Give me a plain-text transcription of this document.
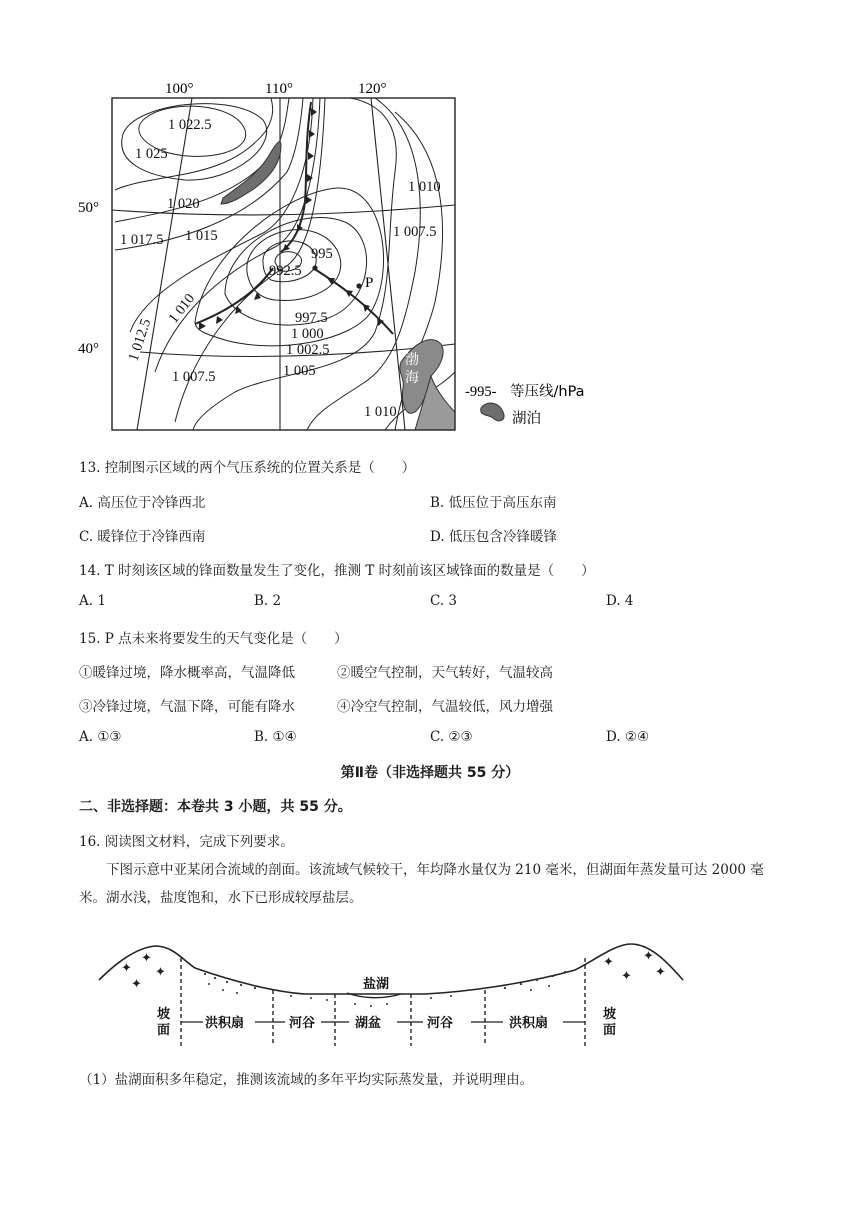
100°	110°	120°
50°
40°
P
1 022.5
1 025
1 020
1 017.5 1 015
1 012.5
1 010
1 007.5
995
992.5
997.5
1 000
1 002.5
1 005
1 007.5
1 010
1 010
渤
海
-995- 等压线/hPa
湖泊
13. 控制图示区域的两个气压系统的位置关系是（　　）
A. 高压位于冷锋西北	B. 低压位于高压东南
C. 暖锋位于冷锋西南	D. 低压包含冷锋暖锋
14. T 时刻该区域的锋面数量发生了变化，推测 T 时刻前该区域锋面的数量是（　　）
A. 1	B. 2	C. 3	D. 4
15. P 点未来将要发生的天气变化是（　　）
①暖锋过境，降水概率高，气温降低	②暖空气控制，天气转好，气温较高
③冷锋过境，气温下降，可能有降水	④冷空气控制，气温较低，风力增强
A. ①③	B. ①④	C. ②③	D. ②④
第Ⅱ卷（非选择题共 55 分）
二、非选择题：本卷共 3 小题，共 55 分。
16. 阅读图文材料，完成下列要求。
下图示意中亚某闭合流域的剖面。该流域气候较干，年均降水量仅为 210 毫米，但湖面年蒸发量可达 2000 毫米。湖水浅，盐度饱和，水下已形成较厚盐层。
✦
✦
✦
✦
✦
✦
✦
✦
盐湖
坡
面	洪积扇	河谷	湖盆	河谷	洪积扇
坡
面
（1）盐湖面积多年稳定，推测该流域的多年平均实际蒸发量，并说明理由。
